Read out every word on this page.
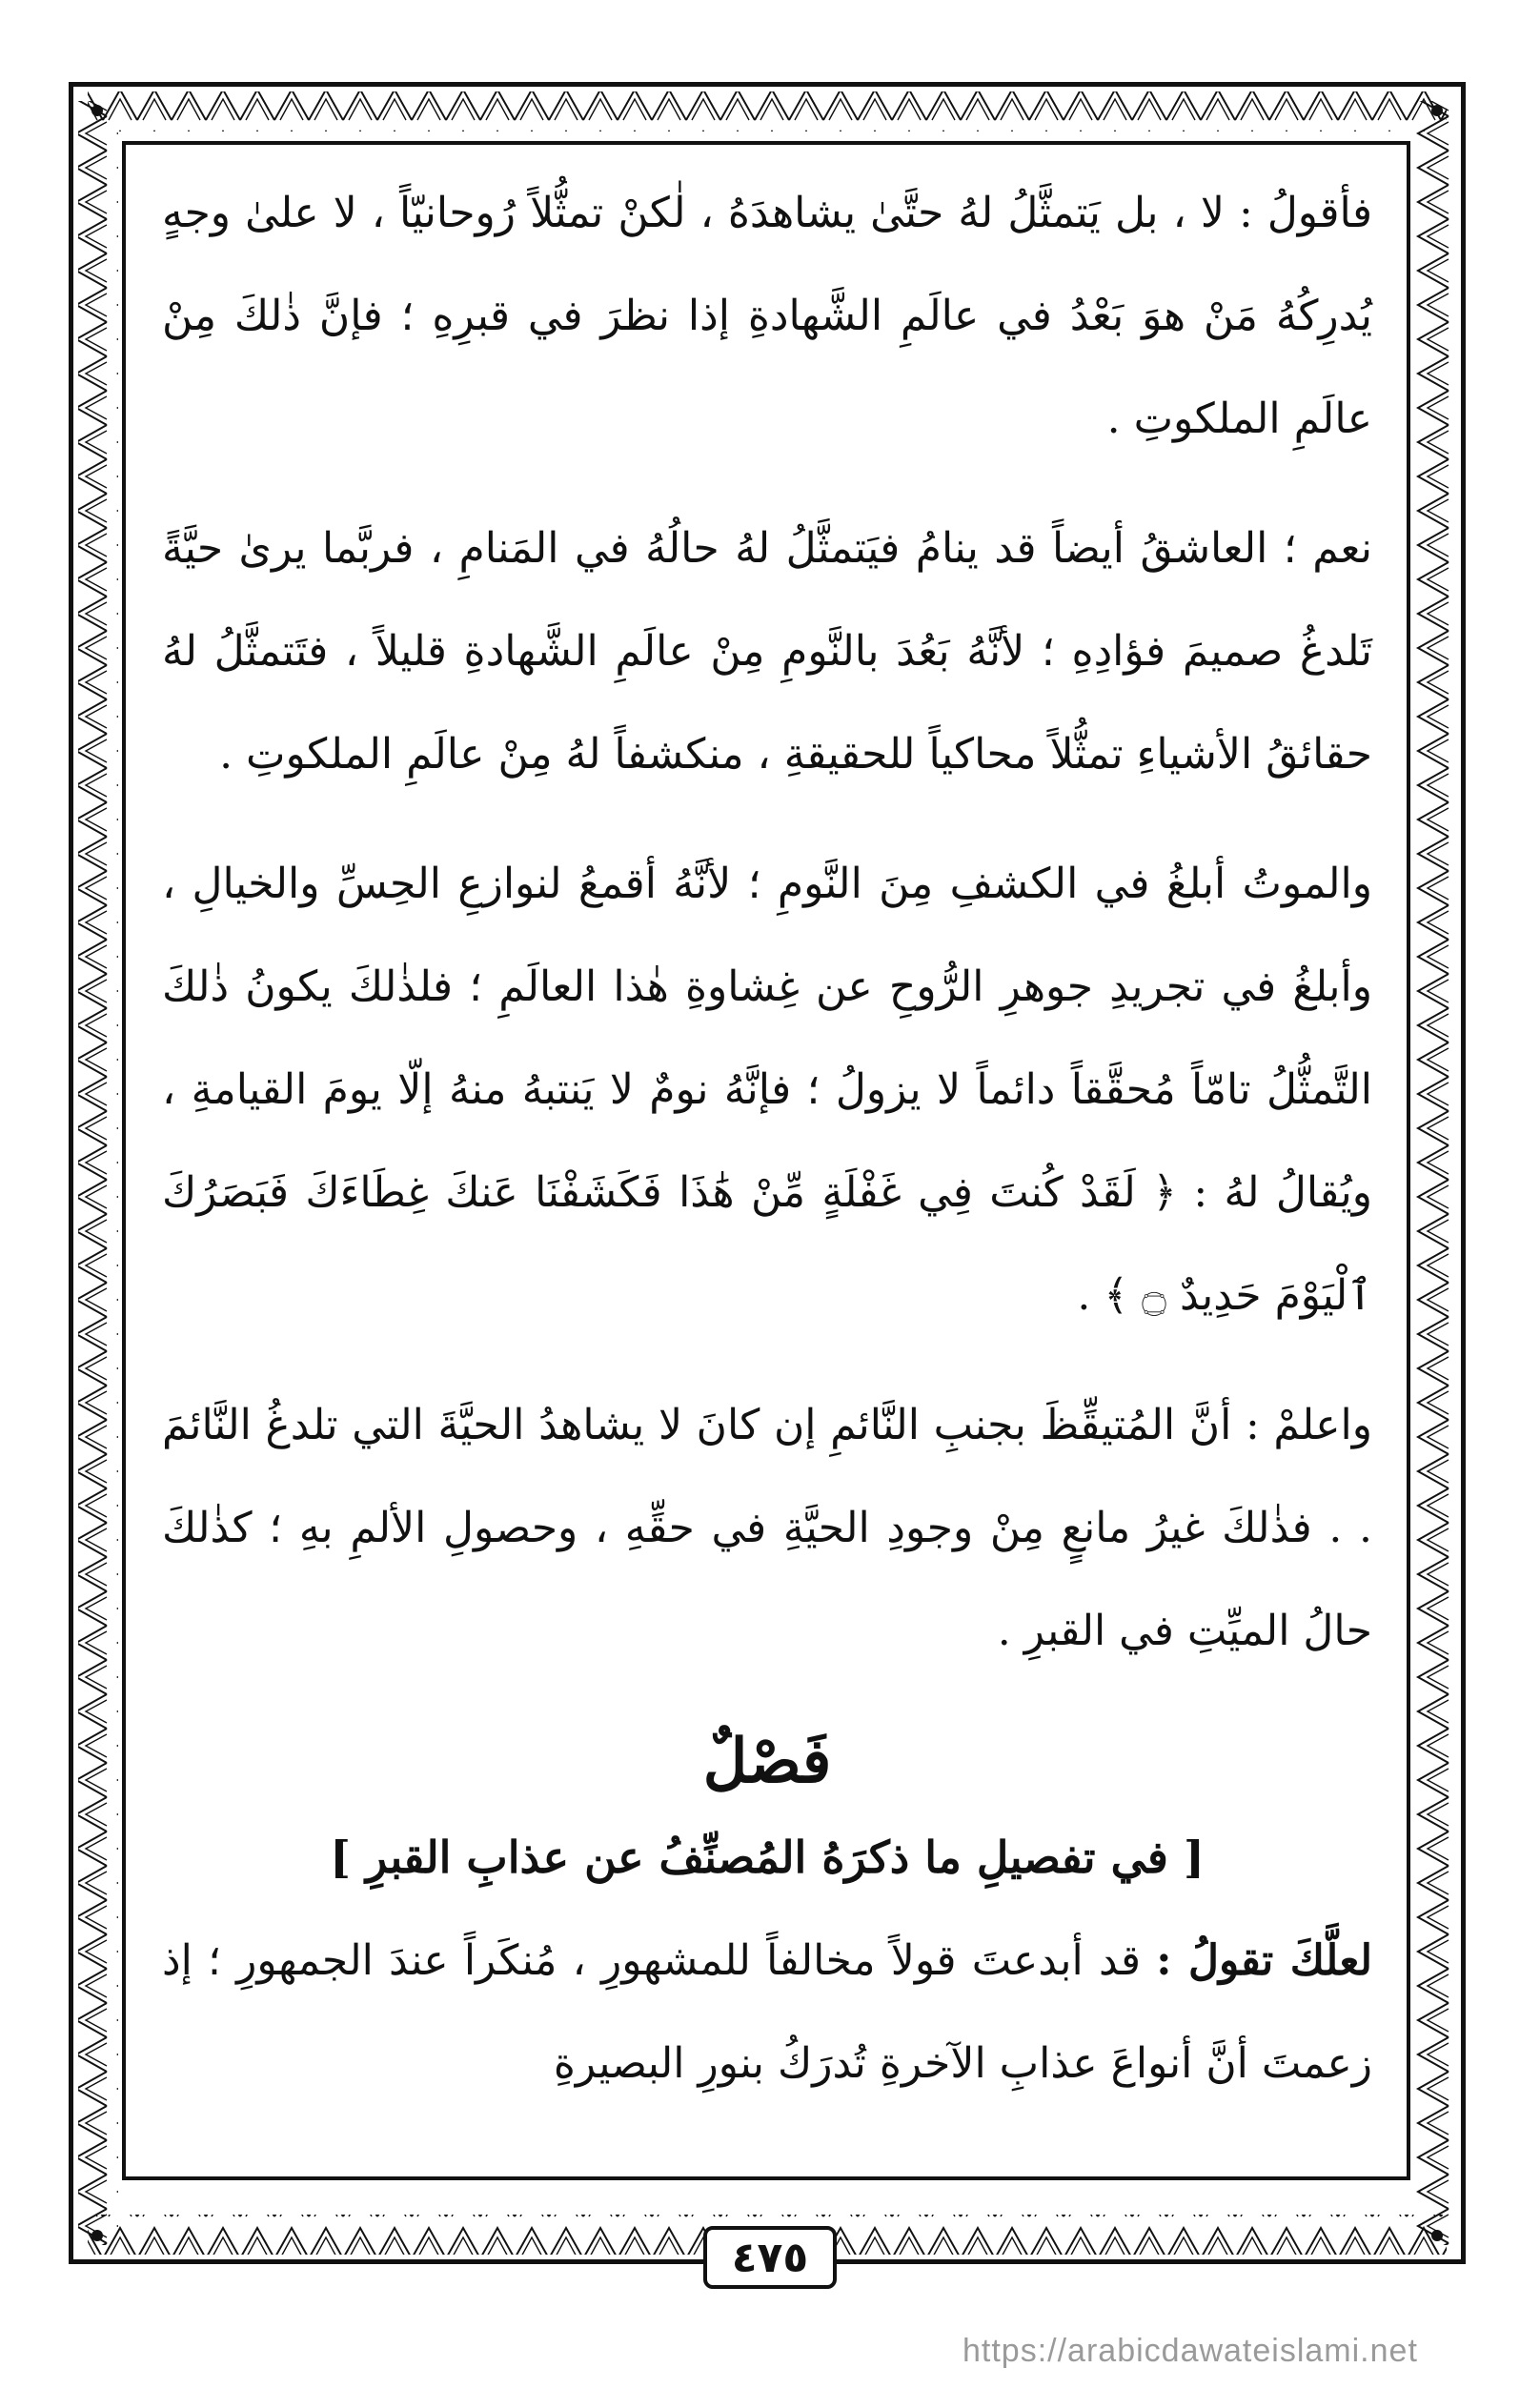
فأقولُ : لا ، بل يَتمثَّلُ لهُ حتَّىٰ يشاهدَهُ ، لٰكنْ تمثُّلاً رُوحانيّاً ، لا علىٰ وجهٍ يُدرِكُهُ مَنْ هوَ بَعْدُ في عالَمِ الشَّهادةِ إذا نظرَ في قبرِهِ ؛ فإنَّ ذٰلكَ مِنْ عالَمِ الملكوتِ .

نعم ؛ العاشقُ أيضاً قد ينامُ فيَتمثَّلُ لهُ حالُهُ في المَنامِ ، فربَّما يرىٰ حيَّةً تَلدغُ صميمَ فؤادِهِ ؛ لأنَّهُ بَعُدَ بالنَّومِ مِنْ عالَمِ الشَّهادةِ قليلاً ، فتَتمثَّلُ لهُ حقائقُ الأشياءِ تمثُّلاً محاكياً للحقيقةِ ، منكشفاً لهُ مِنْ عالَمِ الملكوتِ .

والموتُ أبلغُ في الكشفِ مِنَ النَّومِ ؛ لأنَّهُ أقمعُ لنوازعِ الحِسِّ والخيالِ ، وأبلغُ في تجريدِ جوهرِ الرُّوحِ عن غِشاوةِ هٰذا العالَمِ ؛ فلذٰلكَ يكونُ ذٰلكَ التَّمثُّلُ تامّاً مُحقَّقاً دائماً لا يزولُ ؛ فإنَّهُ نومٌ لا يَنتبهُ منهُ إلّا يومَ القيامةِ ، ويُقالُ لهُ : ﴿ لَقَدْ كُنتَ فِي غَفْلَةٍ مِّنْ هَٰذَا فَكَشَفْنَا عَنكَ غِطَاءَكَ فَبَصَرُكَ ٱلْيَوْمَ حَدِيدٌ ۝ ﴾ .

واعلمْ : أنَّ المُتيقِّظَ بجنبِ النَّائمِ إن كانَ لا يشاهدُ الحيَّةَ التي تلدغُ النَّائمَ . . فذٰلكَ غيرُ مانعٍ مِنْ وجودِ الحيَّةِ في حقِّهِ ، وحصولِ الألمِ بهِ ؛ كذٰلكَ حالُ الميِّتِ في القبرِ .

فَصْلٌ
[ في تفصيلِ ما ذكرَهُ المُصنِّفُ عن عذابِ القبرِ ]

لعلَّكَ تقولُ : قد أبدعتَ قولاً مخالفاً للمشهورِ ، مُنكَراً عندَ الجمهورِ ؛ إذ زعمتَ أنَّ أنواعَ عذابِ الآخرةِ تُدرَكُ بنورِ البصيرةِ

٤٧٥
https://arabicdawateislami.net
